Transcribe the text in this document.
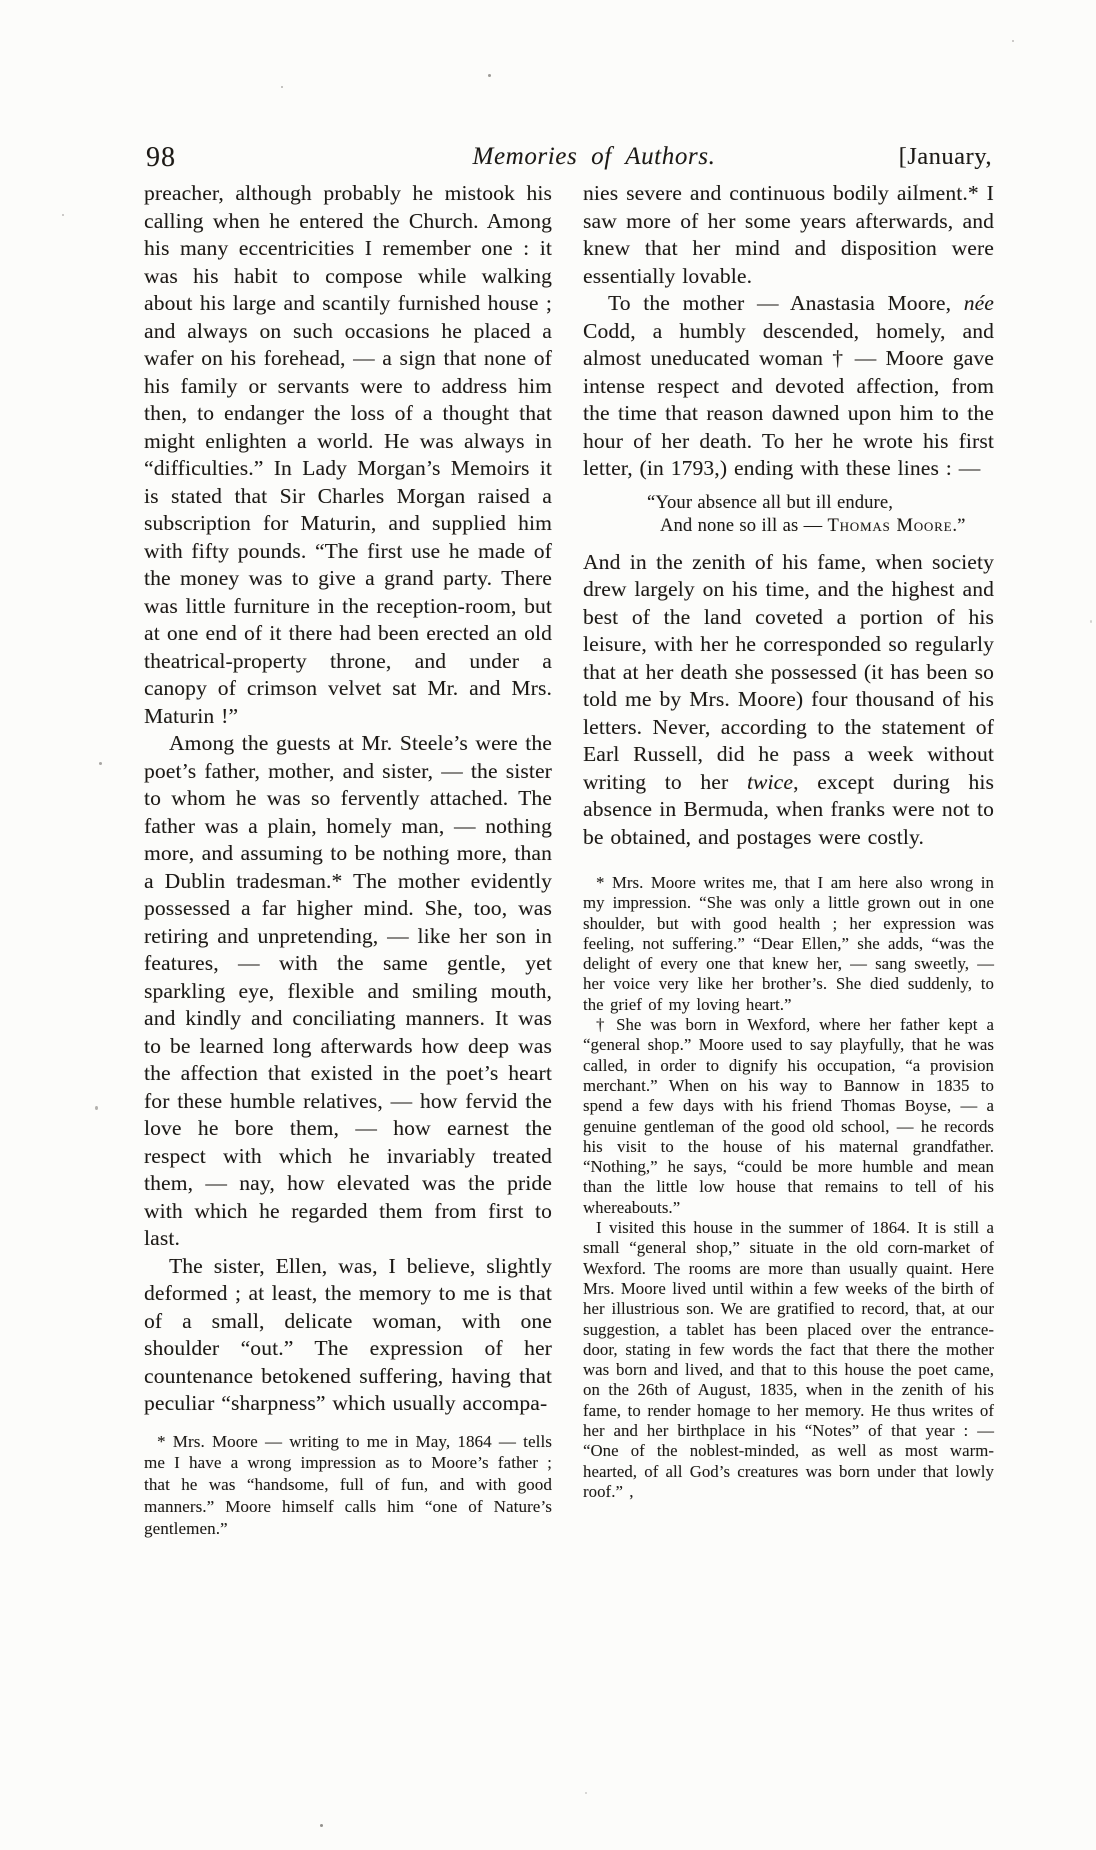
98	Memories of Authors.	[January,

preacher, although probably he mistook his calling when he entered the Church. Among his many eccentricities I remember one : it was his habit to compose while walking about his large and scantily furnished house ; and always on such occasions he placed a wafer on his forehead, — a sign that none of his family or servants were to address him then, to endanger the loss of a thought that might enlighten a world. He was always in “difficulties.” In Lady Morgan’s Memoirs it is stated that Sir Charles Morgan raised a subscription for Maturin, and supplied him with fifty pounds. “The first use he made of the money was to give a grand party. There was little furniture in the reception-room, but at one end of it there had been erected an old theatrical-property throne, and under a canopy of crimson velvet sat Mr. and Mrs. Maturin !”

Among the guests at Mr. Steele’s were the poet’s father, mother, and sister, — the sister to whom he was so fervently attached. The father was a plain, homely man, — nothing more, and assuming to be nothing more, than a Dublin tradesman.* The mother evidently possessed a far higher mind. She, too, was retiring and unpretending, — like her son in features, — with the same gentle, yet sparkling eye, flexible and smiling mouth, and kindly and conciliating manners. It was to be learned long afterwards how deep was the affection that existed in the poet’s heart for these humble relatives, — how fervid the love he bore them, — how earnest the respect with which he invariably treated them, — nay, how elevated was the pride with which he regarded them from first to last.

The sister, Ellen, was, I believe, slightly deformed ; at least, the memory to me is that of a small, delicate woman, with one shoulder “out.” The expression of her countenance betokened suffering, having that peculiar “sharpness” which usually accompa-

* Mrs. Moore — writing to me in May, 1864 — tells me I have a wrong impression as to Moore’s father ; that he was “handsome, full of fun, and with good manners.” Moore himself calls him “one of Nature’s gentlemen.”

nies severe and continuous bodily ailment.* I saw more of her some years afterwards, and knew that her mind and disposition were essentially lovable.

To the mother — Anastasia Moore, née Codd, a humbly descended, homely, and almost uneducated woman † — Moore gave intense respect and devoted affection, from the time that reason dawned upon him to the hour of her death. To her he wrote his first letter, (in 1793,) ending with these lines : —

“Your absence all but ill endure,

And none so ill as — Thomas Moore.”

And in the zenith of his fame, when society drew largely on his time, and the highest and best of the land coveted a portion of his leisure, with her he corresponded so regularly that at her death she possessed (it has been so told me by Mrs. Moore) four thousand of his letters. Never, according to the statement of Earl Russell, did he pass a week without writing to her twice, except during his absence in Bermuda, when franks were not to be obtained, and postages were costly.

* Mrs. Moore writes me, that I am here also wrong in my impression. “She was only a little grown out in one shoulder, but with good health ; her expression was feeling, not suffering.” “Dear Ellen,” she adds, “was the delight of every one that knew her, — sang sweetly, — her voice very like her brother’s. She died suddenly, to the grief of my loving heart.”

† She was born in Wexford, where her father kept a “general shop.” Moore used to say playfully, that he was called, in order to dignify his occupation, “a provision merchant.” When on his way to Bannow in 1835 to spend a few days with his friend Thomas Boyse, — a genuine gentleman of the good old school, — he records his visit to the house of his maternal grandfather. “Nothing,” he says, “could be more humble and mean than the little low house that remains to tell of his whereabouts.”

I visited this house in the summer of 1864. It is still a small “general shop,” situate in the old corn-market of Wexford. The rooms are more than usually quaint. Here Mrs. Moore lived until within a few weeks of the birth of her illustrious son. We are gratified to record, that, at our suggestion, a tablet has been placed over the entrance-door, stating in few words the fact that there the mother was born and lived, and that to this house the poet came, on the 26th of August, 1835, when in the zenith of his fame, to render homage to her memory. He thus writes of her and her birthplace in his “Notes” of that year : — “One of the noblest-minded, as well as most warm-hearted, of all God’s creatures was born under that lowly roof.” ,
